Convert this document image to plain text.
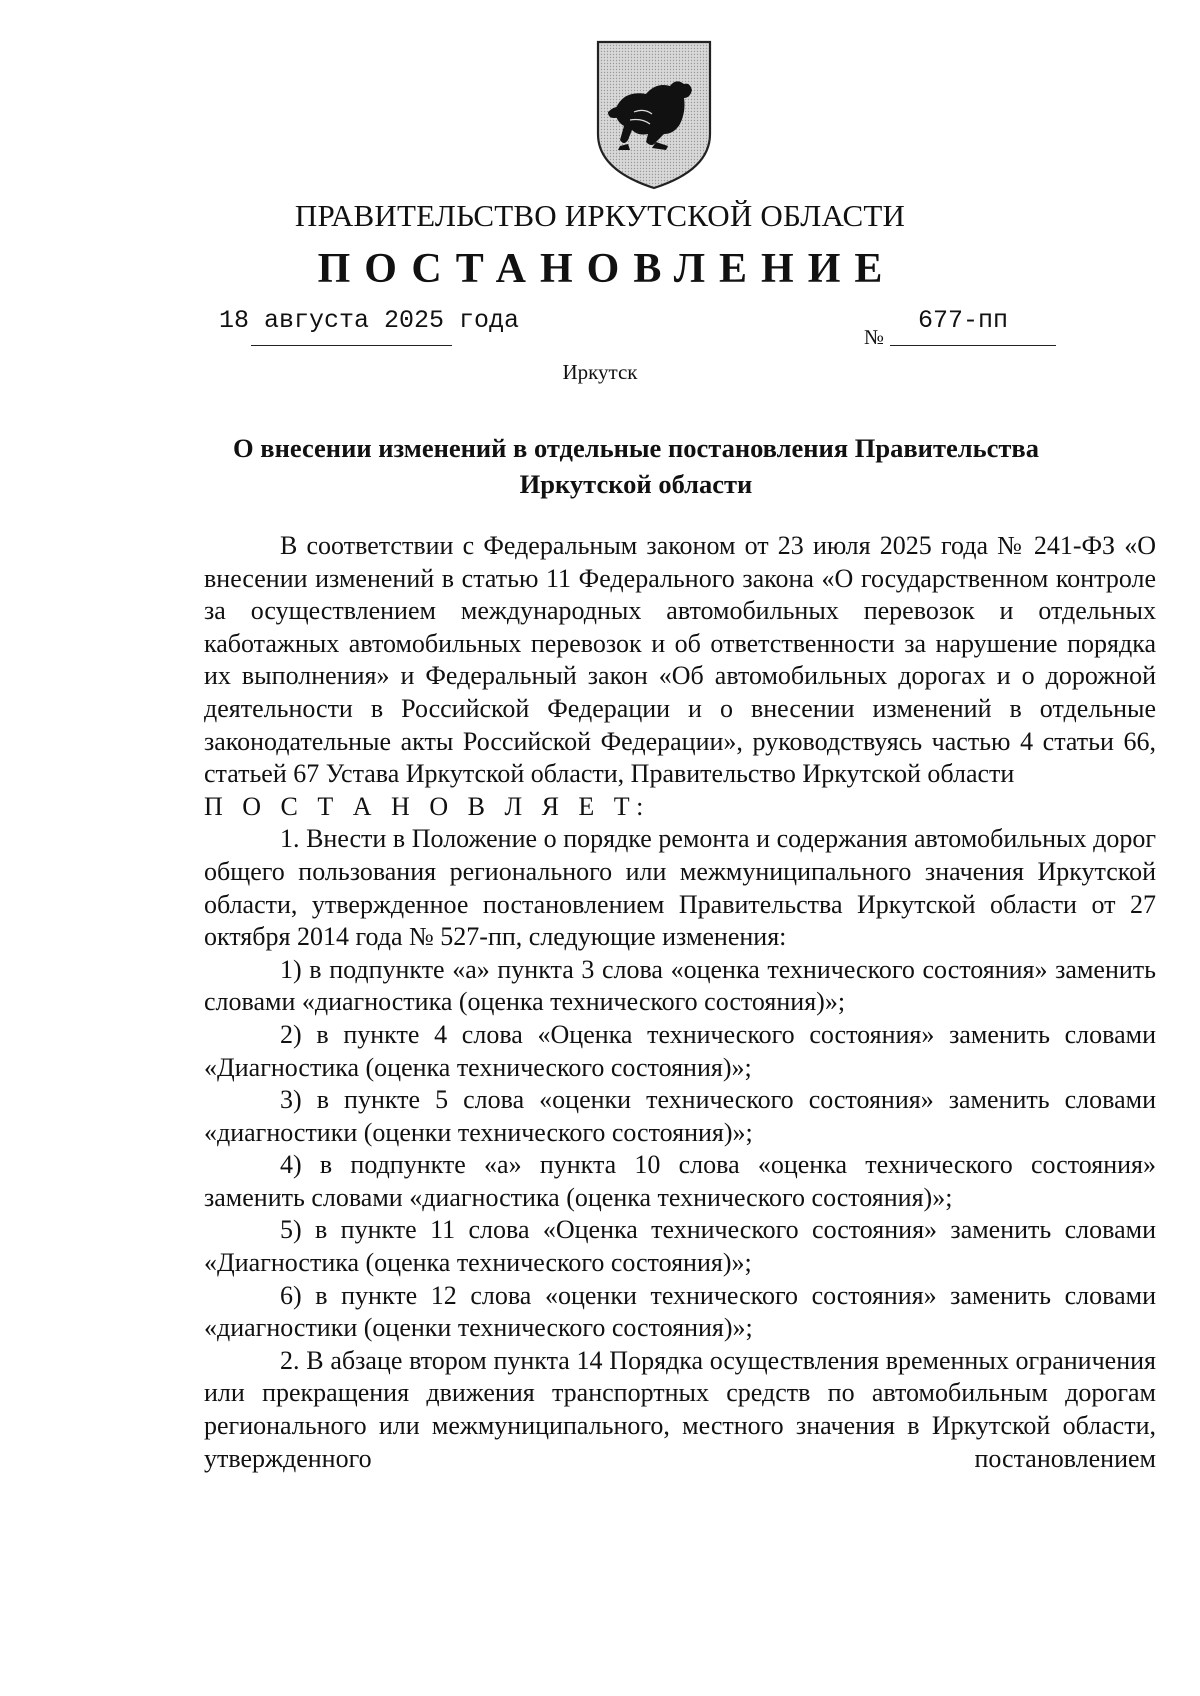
ПРАВИТЕЛЬСТВО ИРКУТСКОЙ ОБЛАСТИ
ПОСТАНОВЛЕНИЕ
18 августа 2025 года
№
677-пп
Иркутск
О внесении изменений в отдельные постановления Правительства
Иркутской области

В соответствии с Федеральным законом от 23 июля 2025 года № 241-ФЗ «О внесении изменений в статью 11 Федерального закона «О государственном контроле за осуществлением международных автомобильных перевозок и отдельных каботажных автомобильных перевозок и об ответственности за нарушение порядка их выполнения» и Федеральный закон «Об автомобильных дорогах и о дорожной деятельности в Российской Федерации и о внесении изменений в отдельные законодательные акты Российской Федерации», руководствуясь частью 4 статьи 66, статьей 67 Устава Иркутской области, Правительство Иркутской области

П О С Т А Н О В Л Я Е Т:

1. Внести в Положение о порядке ремонта и содержания автомобильных дорог общего пользования регионального или межмуниципального значения Иркутской области, утвержденное постановлением Правительства Иркутской области от 27 октября 2014 года № 527-пп, следующие изменения:

1) в подпункте «а» пункта 3 слова «оценка технического состояния» заменить словами «диагностика (оценка технического состояния)»;

2) в пункте 4 слова «Оценка технического состояния» заменить словами «Диагностика (оценка технического состояния)»;

3) в пункте 5 слова «оценки технического состояния» заменить словами «диагностики (оценки технического состояния)»;

4) в подпункте «а» пункта 10 слова «оценка технического состояния» заменить словами «диагностика (оценка технического состояния)»;

5) в пункте 11 слова «Оценка технического состояния» заменить словами «Диагностика (оценка технического состояния)»;

6) в пункте 12 слова «оценки технического состояния» заменить словами «диагностики (оценки технического состояния)»;

2. В абзаце втором пункта 14 Порядка осуществления временных ограничения или прекращения движения транспортных средств по автомобильным дорогам регионального или межмуниципального, местного значения в Иркутской области, утвержденного постановлением
